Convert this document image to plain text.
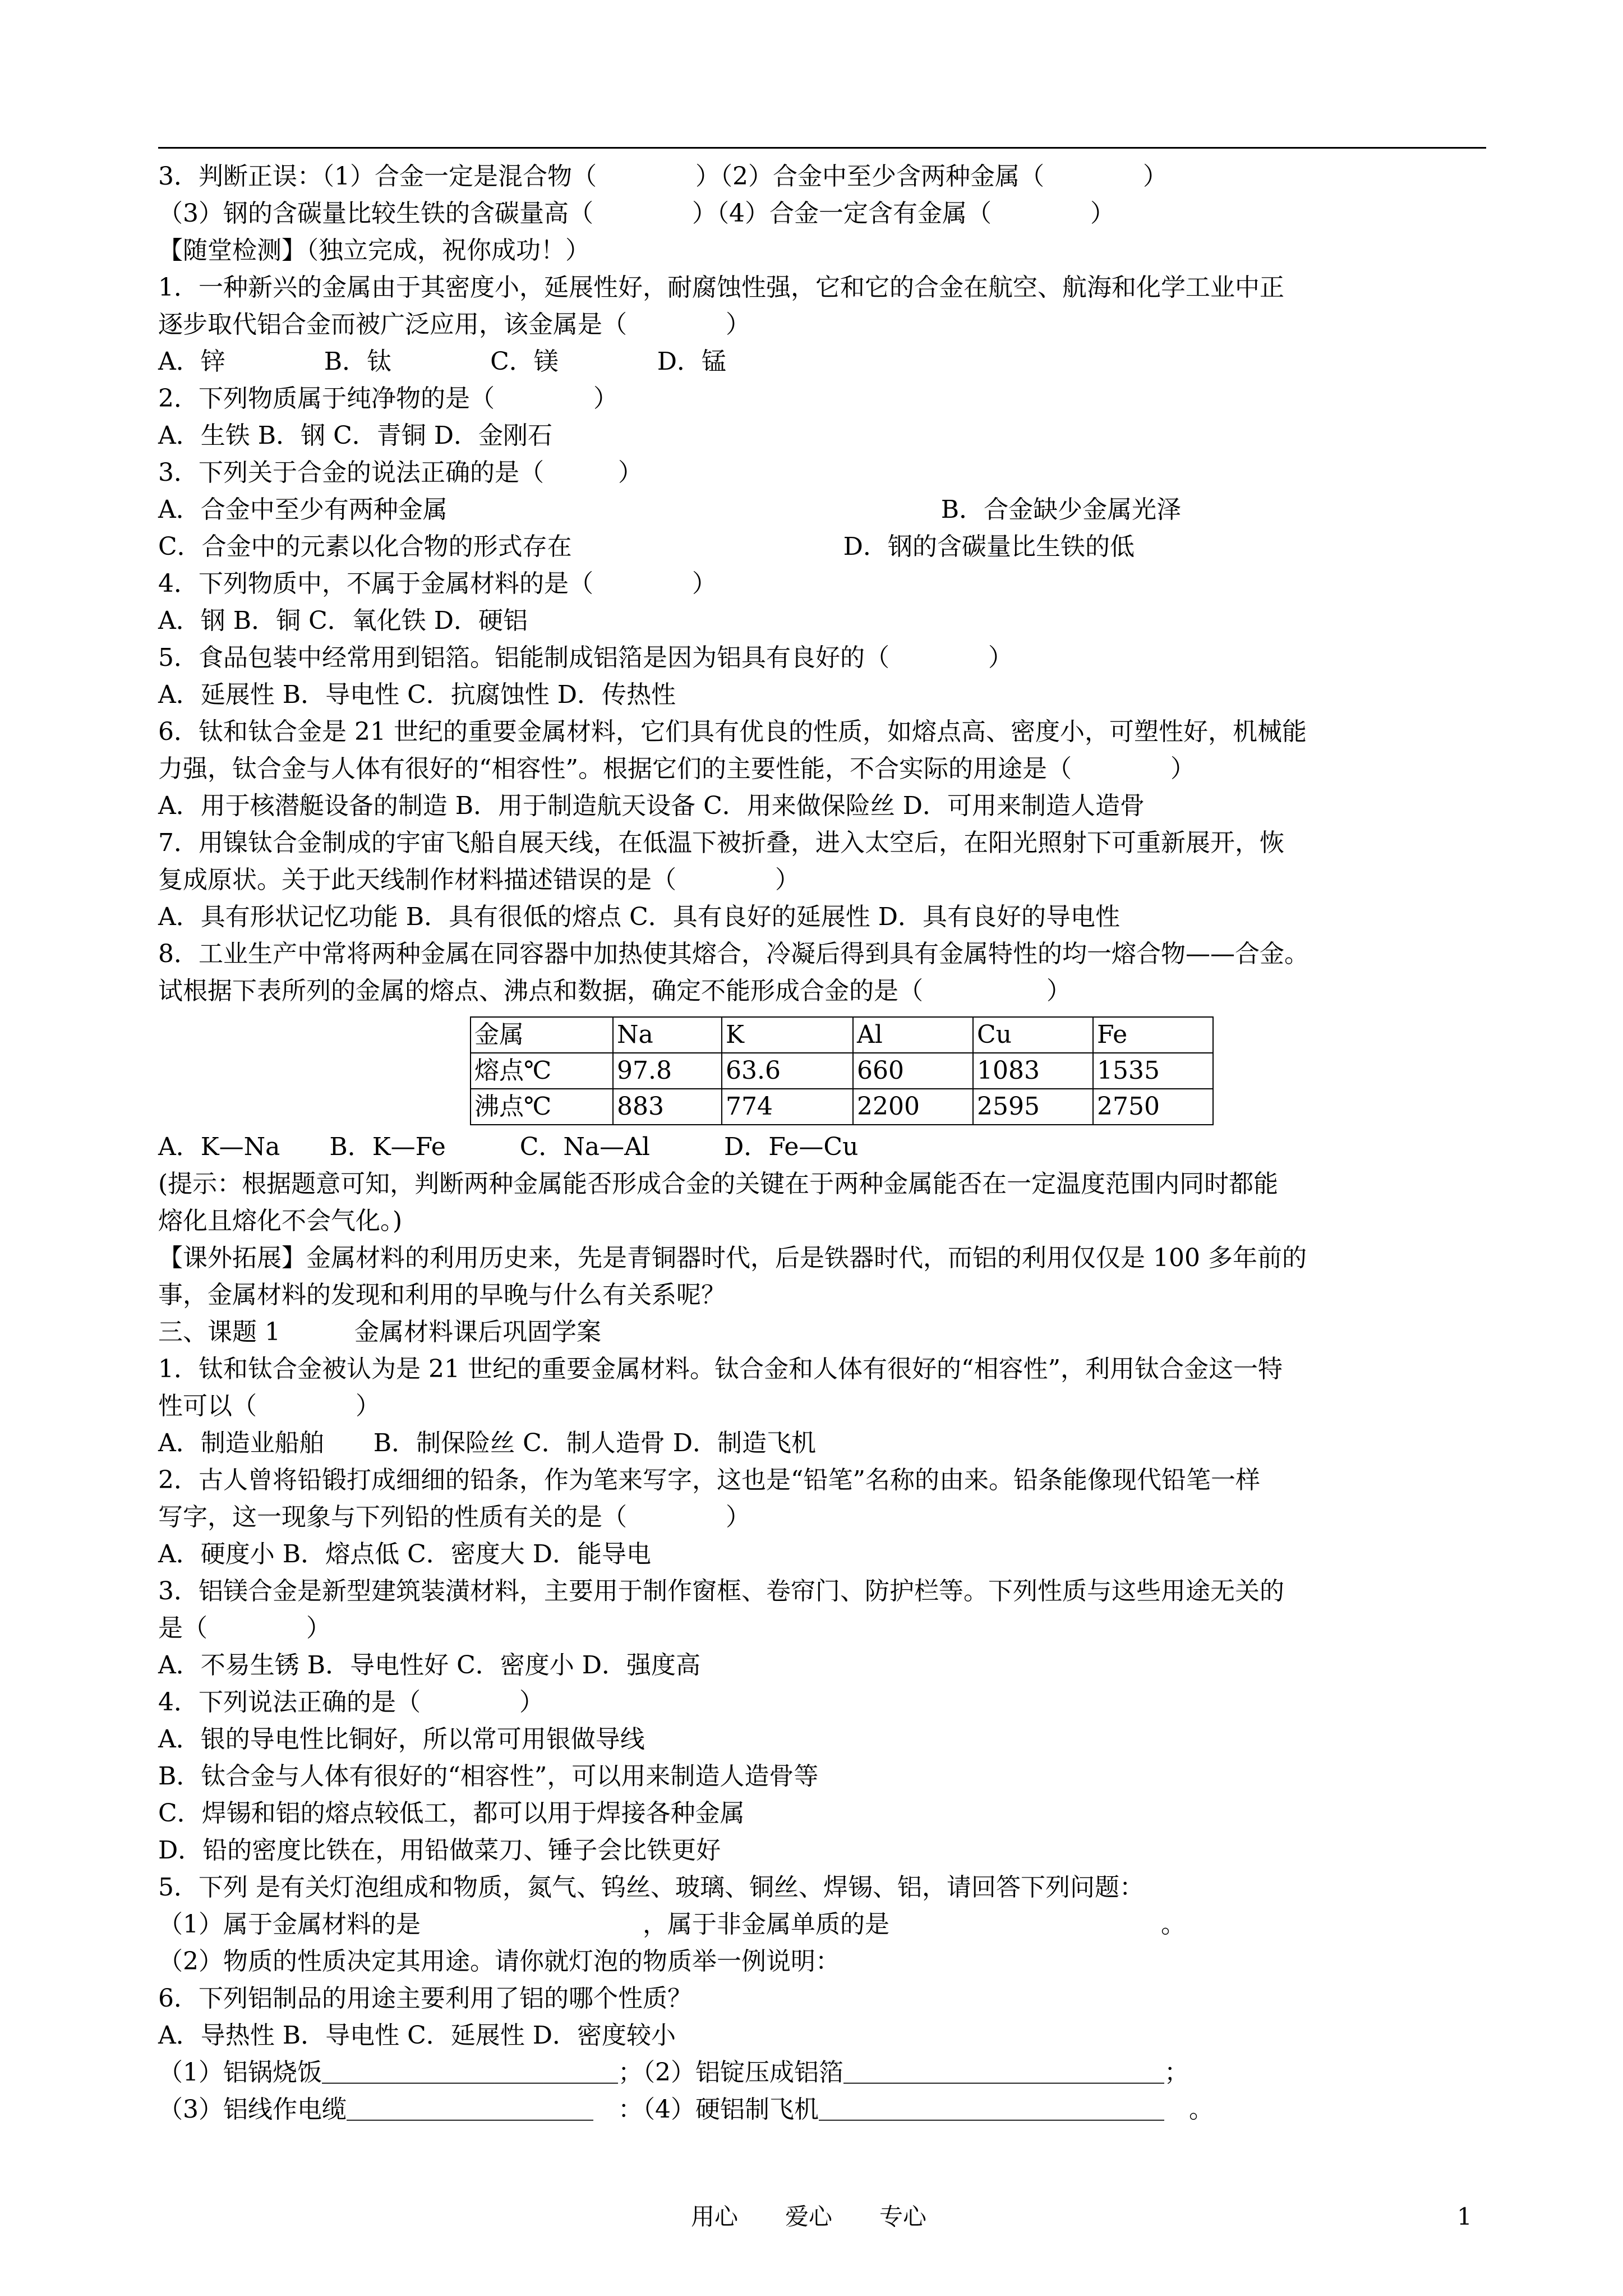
3．判断正误：（1）合金一定是混合物（　　　　）（2）合金中至少含两种金属（　　　　）
（3）钢的含碳量比较生铁的含碳量高（　　　　）（4）合金一定含有金属（　　　　）
【随堂检测】（独立完成，祝你成功！）
1．一种新兴的金属由于其密度小，延展性好，耐腐蚀性强，它和它的合金在航空、航海和化学工业中正
逐步取代铝合金而被广泛应用，该金属是（　　　　）
A．锌　　　　B．钛　　　　C．镁　　　　D．锰
2．下列物质属于纯净物的是（　　　　）
A．生铁 B．钢 C．青铜 D．金刚石
3．下列关于合金的说法正确的是（　　　）
A．合金中至少有两种金属　　　　　　　　　　　　　　　　　　　　B．合金缺少金属光泽
C．合金中的元素以化合物的形式存在　　　　　　　　　　　D．钢的含碳量比生铁的低
4．下列物质中，不属于金属材料的是（　　　　）
A．钢 B．铜 C．氧化铁 D．硬铝
5．食品包装中经常用到铝箔。铝能制成铝箔是因为铝具有良好的（　　　　）
A．延展性 B．导电性 C．抗腐蚀性 D．传热性
6．钛和钛合金是 21 世纪的重要金属材料，它们具有优良的性质，如熔点高、密度小，可塑性好，机械能
力强，钛合金与人体有很好的“相容性”。根据它们的主要性能，不合实际的用途是（　　　　）
A．用于核潜艇设备的制造 B．用于制造航天设备 C．用来做保险丝 D．可用来制造人造骨
7．用镍钛合金制成的宇宙飞船自展天线，在低温下被折叠，进入太空后，在阳光照射下可重新展开，恢
复成原状。关于此天线制作材料描述错误的是（　　　　）
A．具有形状记忆功能 B．具有很低的熔点 C．具有良好的延展性 D．具有良好的导电性
8．工业生产中常将两种金属在同容器中加热使其熔合，冷凝后得到具有金属特性的均一熔合物——合金。
试根据下表所列的金属的熔点、沸点和数据，确定不能形成合金的是（　　　　　）
A．K—Na　　B．K—Fe　　　C．Na—Al　　　D．Fe—Cu
(提示：根据题意可知，判断两种金属能否形成合金的关键在于两种金属能否在一定温度范围内同时都能
熔化且熔化不会气化。)
【课外拓展】金属材料的利用历史来，先是青铜器时代，后是铁器时代，而铝的利用仅仅是 100 多年前的
事，金属材料的发现和利用的早晚与什么有关系呢？
三、课题 1　　　金属材料课后巩固学案
1．钛和钛合金被认为是 21 世纪的重要金属材料。钛合金和人体有很好的“相容性”，利用钛合金这一特
性可以（　　　　）
A．制造业船舶　　B．制保险丝 C．制人造骨 D．制造飞机
2．古人曾将铅锻打成细细的铅条，作为笔来写字，这也是“铅笔”名称的由来。铅条能像现代铅笔一样
写字，这一现象与下列铅的性质有关的是（　　　　）
A．硬度小 B．熔点低 C．密度大 D．能导电
3．铝镁合金是新型建筑装潢材料，主要用于制作窗框、卷帘门、防护栏等。下列性质与这些用途无关的
是（　　　　）
A．不易生锈 B．导电性好 C．密度小 D．强度高
4．下列说法正确的是（　　　　）
A．银的导电性比铜好，所以常可用银做导线
B．钛合金与人体有很好的“相容性”，可以用来制造人造骨等
C．焊锡和铝的熔点较低工，都可以用于焊接各种金属
D．铅的密度比铁在，用铅做菜刀、锤子会比铁更好
5．下列 是有关灯泡组成和物质，氮气、钨丝、玻璃、铜丝、焊锡、铝，请回答下列问题：
（1）属于金属材料的是　　　　　　　　　，属于非金属单质的是　　　　　　　　　　　。
（2）物质的性质决定其用途。请你就灯泡的物质举一例说明：
6．下列铝制品的用途主要利用了铝的哪个性质？
A．导热性 B．导电性 C．延展性 D．密度较小
（1）铝锅烧饭＿＿＿＿＿＿＿＿＿＿＿＿；（2）铝锭压成铝箔＿＿＿＿＿＿＿＿＿＿＿＿＿；
（3）铝线作电缆＿＿＿＿＿＿＿＿＿＿　：（4）硬铝制飞机＿＿＿＿＿＿＿＿＿＿＿＿＿＿　。
金属	Na	K	Al	Cu	Fe
熔点℃	97.8	63.6	660	1083	1535
沸点℃	883	774	2200	2595	2750
用心　　爱心　　专心	1
